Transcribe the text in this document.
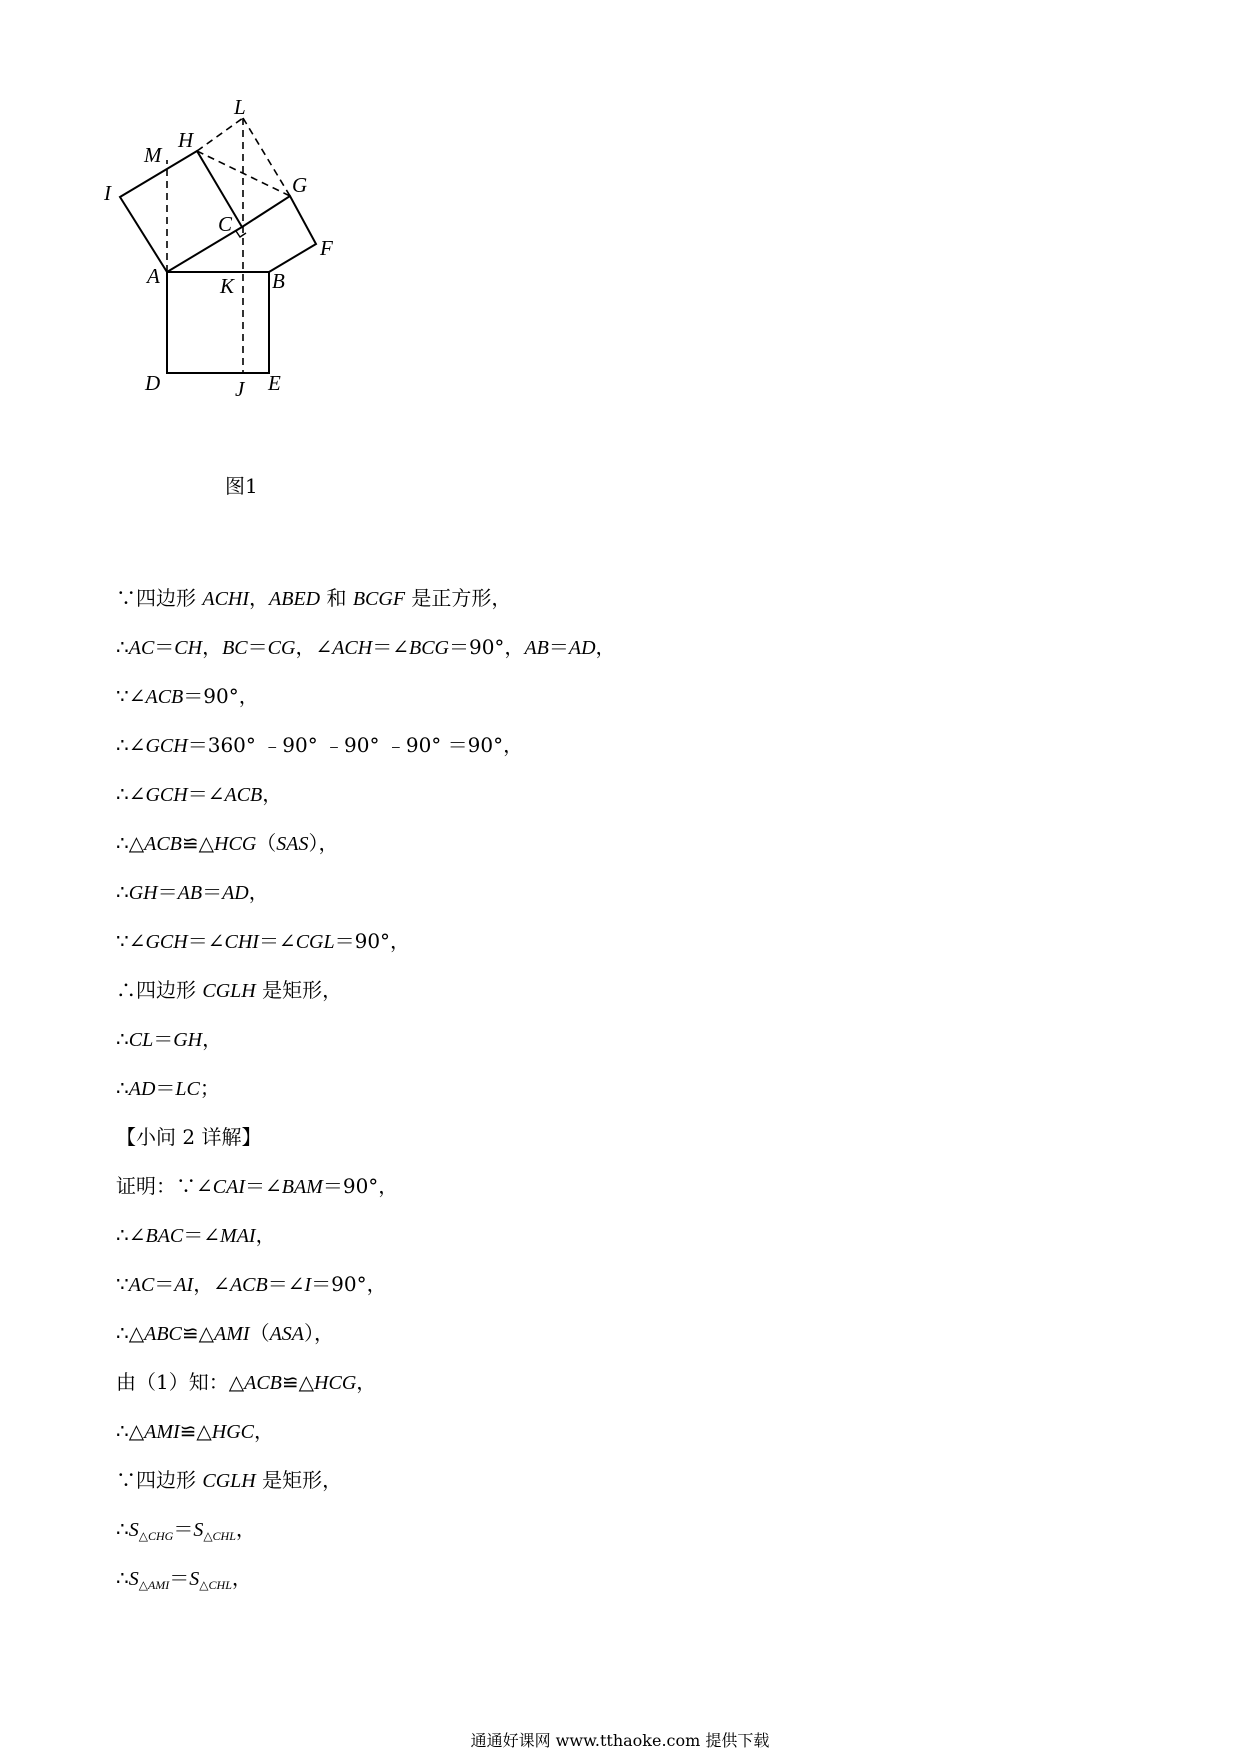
L
H
M
G
I
C
F
A	K B
D	J E
图1
∵四边形 ACHI，ABED 和 BCGF 是正方形，
∴AC＝CH，BC＝CG，∠ACH＝∠BCG＝90°，AB＝AD，
∵∠ACB＝90°，
∴∠GCH＝360° ﹣90° ﹣90° ﹣90° ＝90°，
∴∠GCH＝∠ACB，
∴△ACB≌△HCG（SAS），
∴GH＝AB＝AD，
∵∠GCH＝∠CHI＝∠CGL＝90°，
∴四边形 CGLH 是矩形，
∴CL＝GH，
∴AD＝LC；
【小问 2 详解】
证明：∵∠CAI＝∠BAM＝90°，
∴∠BAC＝∠MAI，
∵AC＝AI，∠ACB＝∠I＝90°，
∴△ABC≌△AMI（ASA），
由（1）知：△ACB≌△HCG，
∴△AMI≌△HGC，
∵四边形 CGLH 是矩形，
$\therefore S_{\triangle CHG}=S_{\triangle CHL}$，
$\therefore S_{\triangle AMI}=S_{\triangle CHL}$，
通通好课网 www.tthaoke.com 提供下载
